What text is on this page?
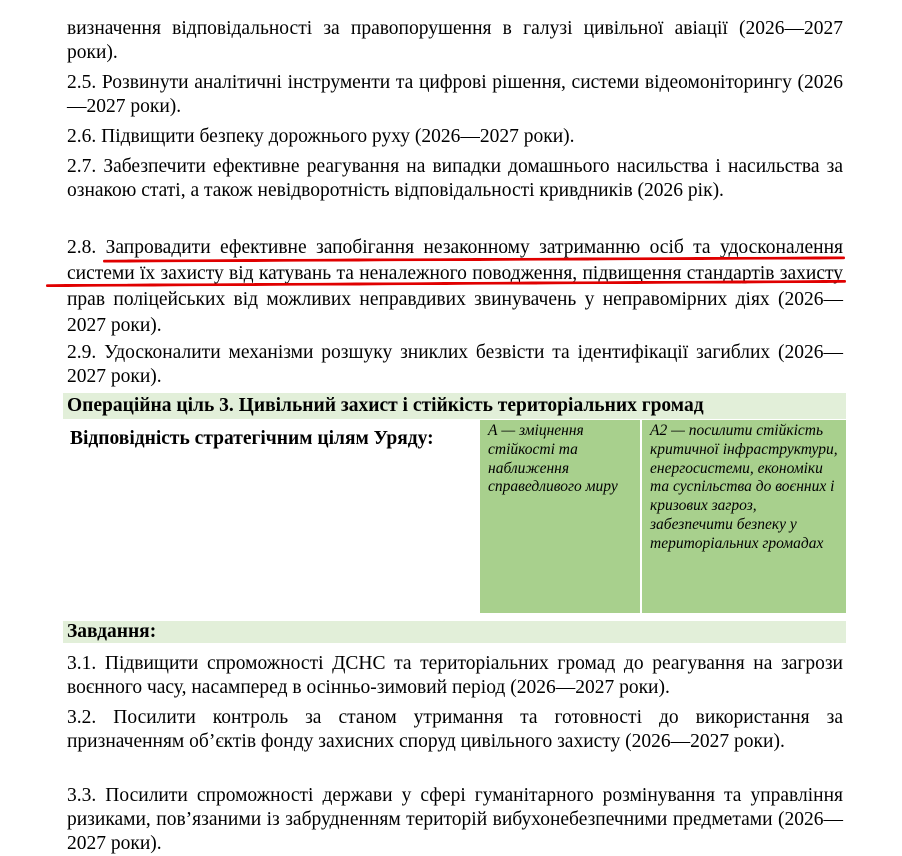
визначення відповідальності за правопорушення в галузі цивільної авіації (2026—2027 роки).

2.5. Розвинути аналітичні інструменти та цифрові рішення, системи відеомоніторингу (2026—2027 роки).

2.6. Підвищити безпеку дорожнього руху (2026—2027 роки).

2.7. Забезпечити ефективне реагування на випадки домашнього насильства і насильства за ознакою статі, а також невідворотність відповідальності кривдників (2026 рік).

2.8. Запровадити ефективне запобігання незаконному затриманню осіб та удосконалення системи їх захисту від катувань та неналежного поводження, підвищення стандартів захисту прав поліцейських від можливих неправдивих звинувачень у неправомірних діях (2026—2027 роки).

2.9. Удосконалити механізми розшуку зниклих безвісти та ідентифікації загиблих (2026—2027 роки).

Операційна ціль 3. Цивільний захист і стійкість територіальних громад
Відповідність стратегічним цілям Уряду:	А — зміцнення стійкості та наближення справедливого миру
А2 — посилити стійкість критичної інфраструктури, енергосистеми, економіки та суспільства до воєнних і кризових загроз, забезпечити безпеку у територіальних громадах
Завдання:

3.1. Підвищити спроможності ДСНС та територіальних громад до реагування на загрози воєнного часу, насамперед в осінньо-зимовий період (2026—2027 роки).

3.2. Посилити контроль за станом утримання та готовності до використання за призначенням об’єктів фонду захисних споруд цивільного захисту (2026—2027 роки).

3.3. Посилити спроможності держави у сфері гуманітарного розмінування та управління ризиками, пов’язаними із забрудненням територій вибухонебезпечними предметами (2026—2027 роки).
